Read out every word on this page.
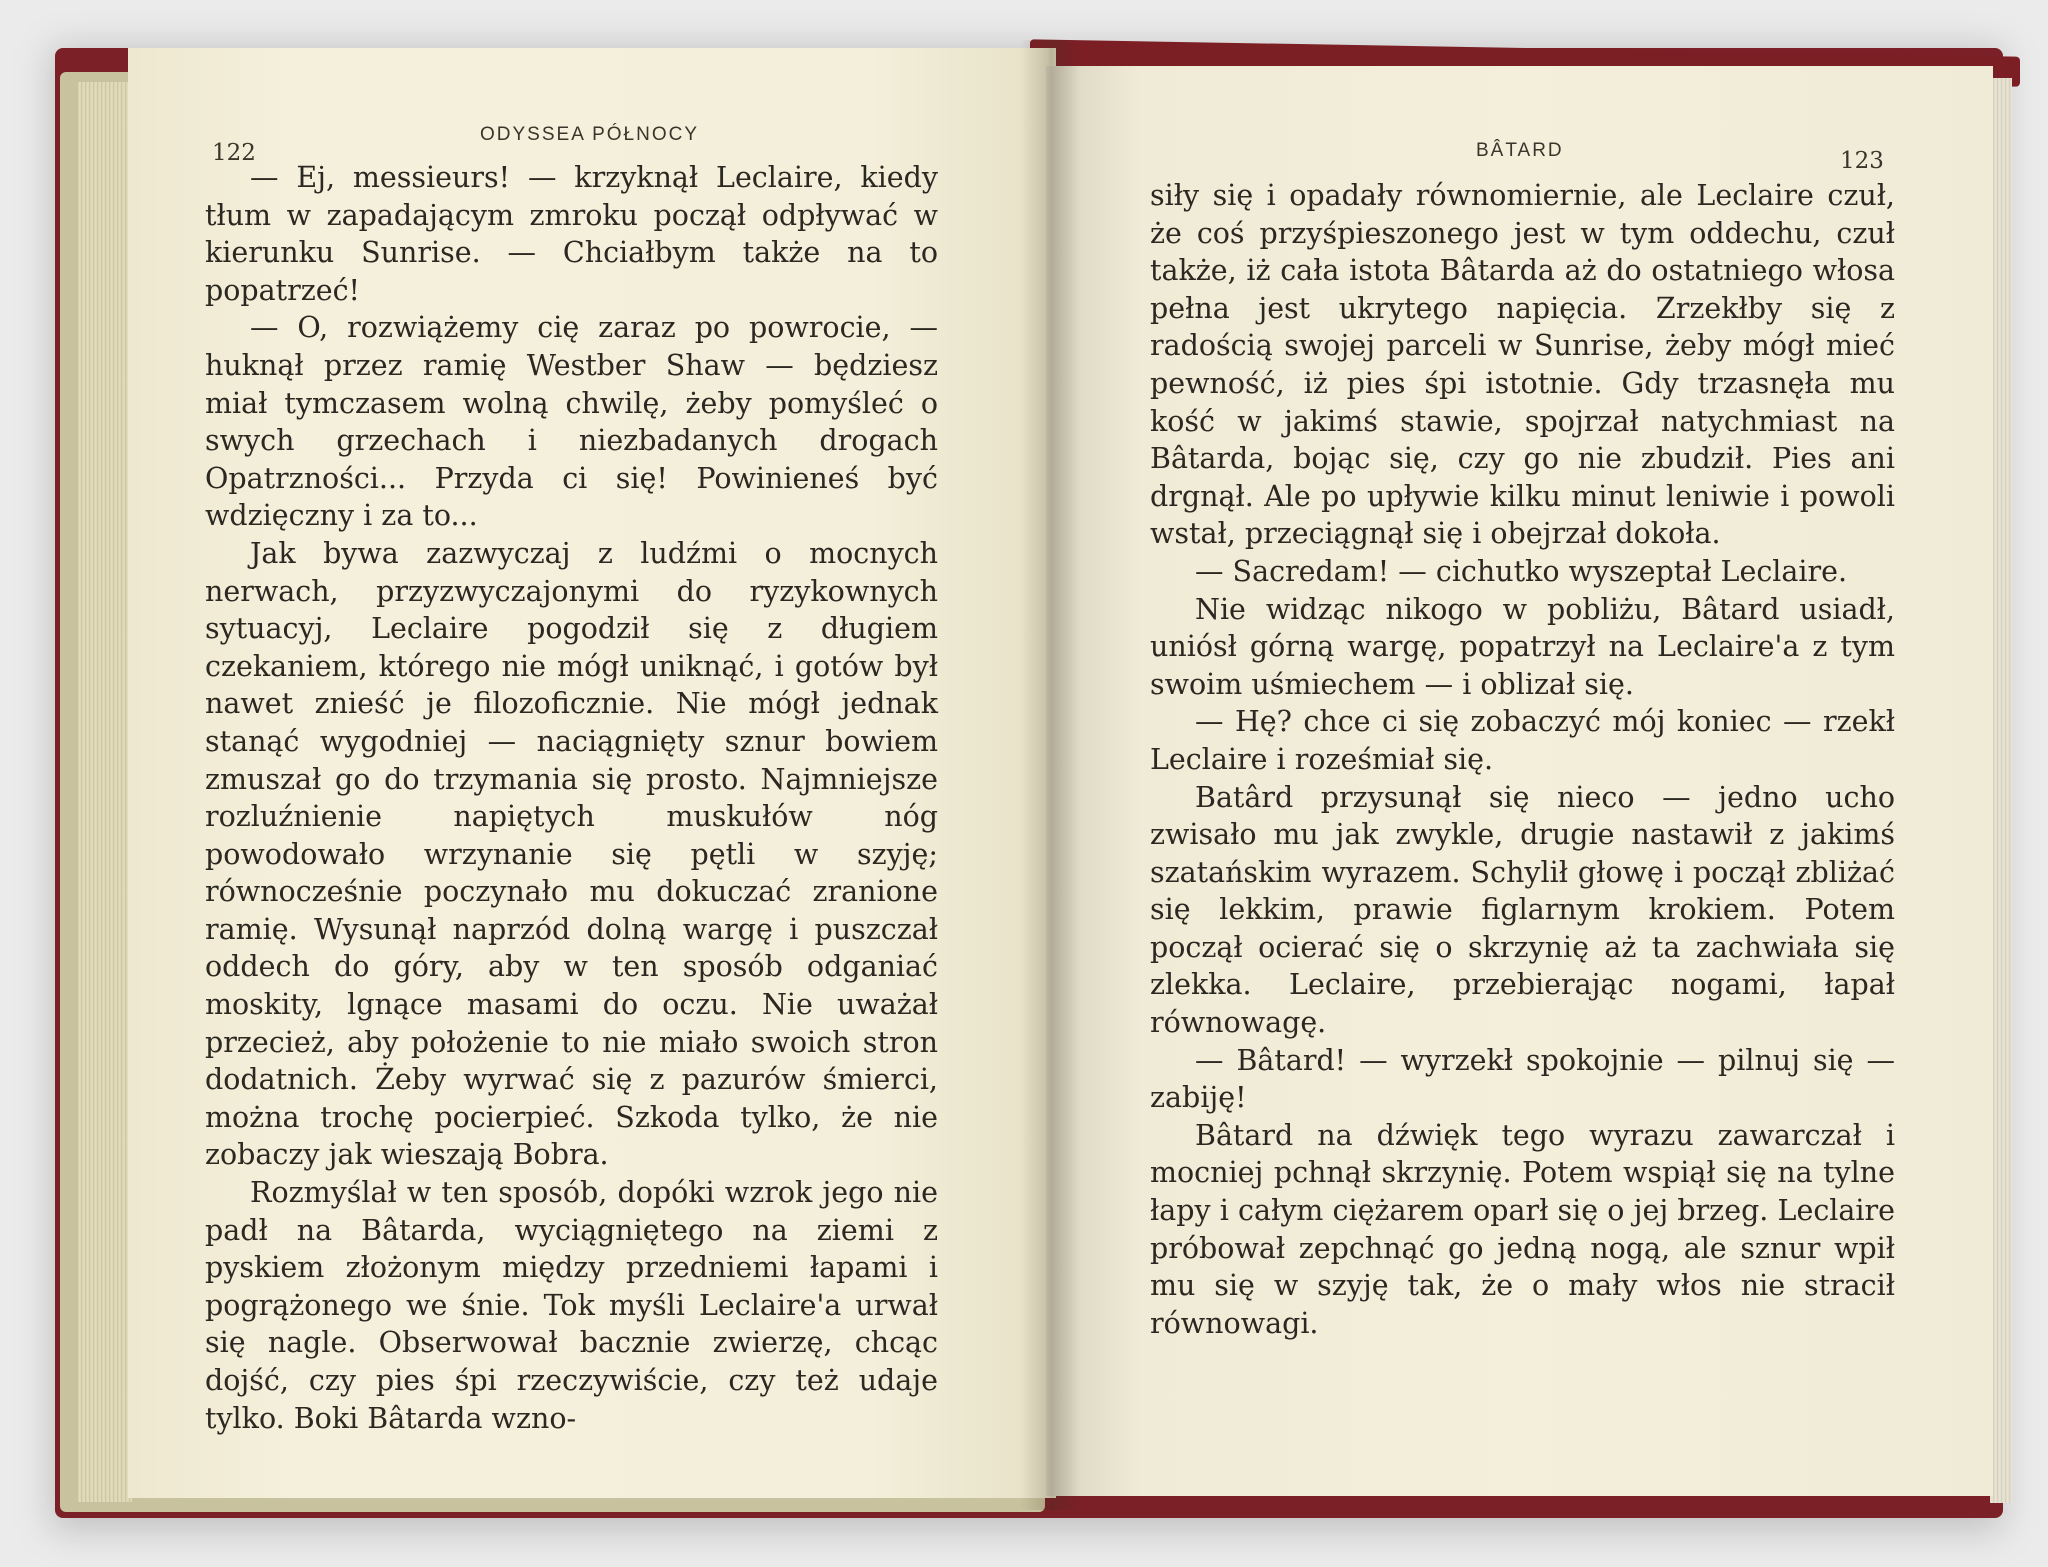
122
ODYSSEA PÓŁNOCY
BÂTARD	123

— Ej, messieurs! — krzyknął Leclaire, kiedy tłum w zapadającym zmroku począł odpływać w kierunku Sunrise. — Chciałbym także na to popatrzeć!

— O, rozwiążemy cię zaraz po powrocie, — huknął przez ramię Westber Shaw — będziesz miał tymczasem wolną chwilę, żeby pomyśleć o swych grzechach i niezbadanych drogach Opatrzności... Przyda ci się! Powinieneś być wdzięczny i za to...

Jak bywa zazwyczaj z ludźmi o mocnych nerwach, przyzwyczajonymi do ryzykownych sytuacyj, Leclaire pogodził się z długiem czekaniem, którego nie mógł uniknąć, i gotów był nawet znieść je filozoficznie. Nie mógł jednak stanąć wygodniej — naciągnięty sznur bowiem zmuszał go do trzymania się prosto. Najmniejsze rozluźnienie napiętych muskułów nóg powodowało wrzynanie się pętli w szyję; równocześnie poczynało mu dokuczać zranione ramię. Wysunął naprzód dolną wargę i puszczał oddech do góry, aby w ten sposób odganiać moskity, lgnące masami do oczu. Nie uważał przecież, aby położenie to nie miało swoich stron dodatnich. Żeby wyrwać się z pazurów śmierci, można trochę pocierpieć. Szkoda tylko, że nie zobaczy jak wieszają Bobra.

Rozmyślał w ten sposób, dopóki wzrok jego nie padł na Bâtarda, wyciągniętego na ziemi z pyskiem złożonym między przedniemi łapami i pogrążonego we śnie. Tok myśli Leclaire'a urwał się nagle. Obserwował bacznie zwierzę, chcąc dojść, czy pies śpi rzeczywiście, czy też udaje tylko. Boki Bâtarda wzno-

siły się i opadały równomiernie, ale Leclaire czuł, że coś przyśpieszonego jest w tym oddechu, czuł także, iż cała istota Bâtarda aż do ostatniego włosa pełna jest ukrytego napięcia. Zrzekłby się z radością swojej parceli w Sunrise, żeby mógł mieć pewność, iż pies śpi istotnie. Gdy trzasnęła mu kość w jakimś stawie, spojrzał natychmiast na Bâtarda, bojąc się, czy go nie zbudził. Pies ani drgnął. Ale po upływie kilku minut leniwie i powoli wstał, przeciągnął się i obejrzał dokoła.

— Sacredam! — cichutko wyszeptał Leclaire.

Nie widząc nikogo w pobliżu, Bâtard usiadł, uniósł górną wargę, popatrzył na Leclaire'a z tym swoim uśmiechem — i oblizał się.

— Hę? chce ci się zobaczyć mój koniec — rzekł Leclaire i roześmiał się.

Batârd przysunął się nieco — jedno ucho zwisało mu jak zwykle, drugie nastawił z jakimś szatańskim wyrazem. Schylił głowę i począł zbliżać się lekkim, prawie figlarnym krokiem. Potem począł ocierać się o skrzynię aż ta zachwiała się zlekka. Leclaire, przebierając nogami, łapał równowagę.

— Bâtard! — wyrzekł spokojnie — pilnuj się — zabiję!

Bâtard na dźwięk tego wyrazu zawarczał i mocniej pchnął skrzynię. Potem wspiął się na tylne łapy i całym ciężarem oparł się o jej brzeg. Leclaire próbował zepchnąć go jedną nogą, ale sznur wpił mu się w szyję tak, że o mały włos nie stracił równowagi.
